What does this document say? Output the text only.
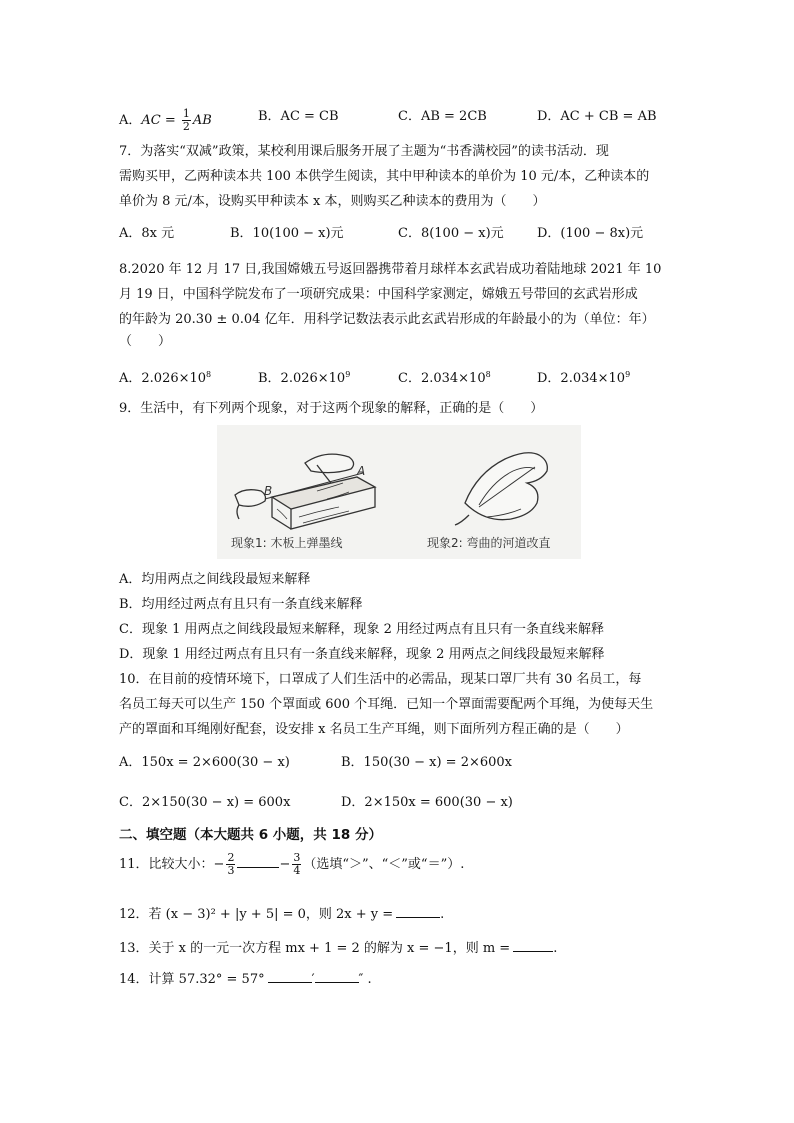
A．AC = $\frac{1}{2}$ AB	B．AC = CB	C．AB = 2CB	D．AC + CB = AB
7．为落实“双减”政策，某校利用课后服务开展了主题为“书香满校园”的读书活动．现
需购买甲，乙两种读本共 100 本供学生阅读，其中甲种读本的单价为 10 元/本，乙种读本的
单价为 8 元/本，设购买甲种读本 x 本，则购买乙种读本的费用为（　　）
A．8x 元	B．10(100 − x)元	C．8(100 − x)元	D．(100 − 8x)元
8.2020 年 12 月 17 日,我国嫦娥五号返回器携带着月球样本玄武岩成功着陆地球 2021 年 10
月 19 日，中国科学院发布了一项研究成果：中国科学家测定，嫦娥五号带回的玄武岩形成
的年龄为 20.30 ± 0.04 亿年．用科学记数法表示此玄武岩形成的年龄最小的为（单位：年）
（　　）
A．$2.026\times 10^8$	B．$2.026\times 10^9$	C．$2.034\times 10^8$	D．$2.034\times 10^9$
9．生活中，有下列两个现象，对于这两个现象的解释，正确的是（　　）
B
A
现象1: 木板上弹墨线	现象2: 弯曲的河道改直
A．均用两点之间线段最短来解释
B．均用经过两点有且只有一条直线来解释
C．现象 1 用两点之间线段最短来解释，现象 2 用经过两点有且只有一条直线来解释
D．现象 1 用经过两点有且只有一条直线来解释，现象 2 用两点之间线段最短来解释
10．在目前的疫情环境下，口罩成了人们生活中的必需品，现某口罩厂共有 30 名员工，每
名员工每天可以生产 150 个罩面或 600 个耳绳．已知一个罩面需要配两个耳绳，为使每天生
产的罩面和耳绳刚好配套，设安排 x 名员工生产耳绳，则下面所列方程正确的是（　　）
A．150x = 2×600(30 − x)	B．150(30 − x) = 2×600x
C．2×150(30 − x) = 600x	D．2×150x = 600(30 − x)
二、填空题（本大题共 6 小题，共 18 分）
11．比较大小：− $\frac{2}{3}$	− $\frac{3}{4}$ （选填“＞”、“＜”或“＝”）.
12．若 (x − 3)² + |y + 5| = 0，则 2x + y =	.
13．关于 x 的一元一次方程 mx + 1 = 2 的解为 x = −1，则 m =	.
14．计算 57.32° = 57°	′	″ .
